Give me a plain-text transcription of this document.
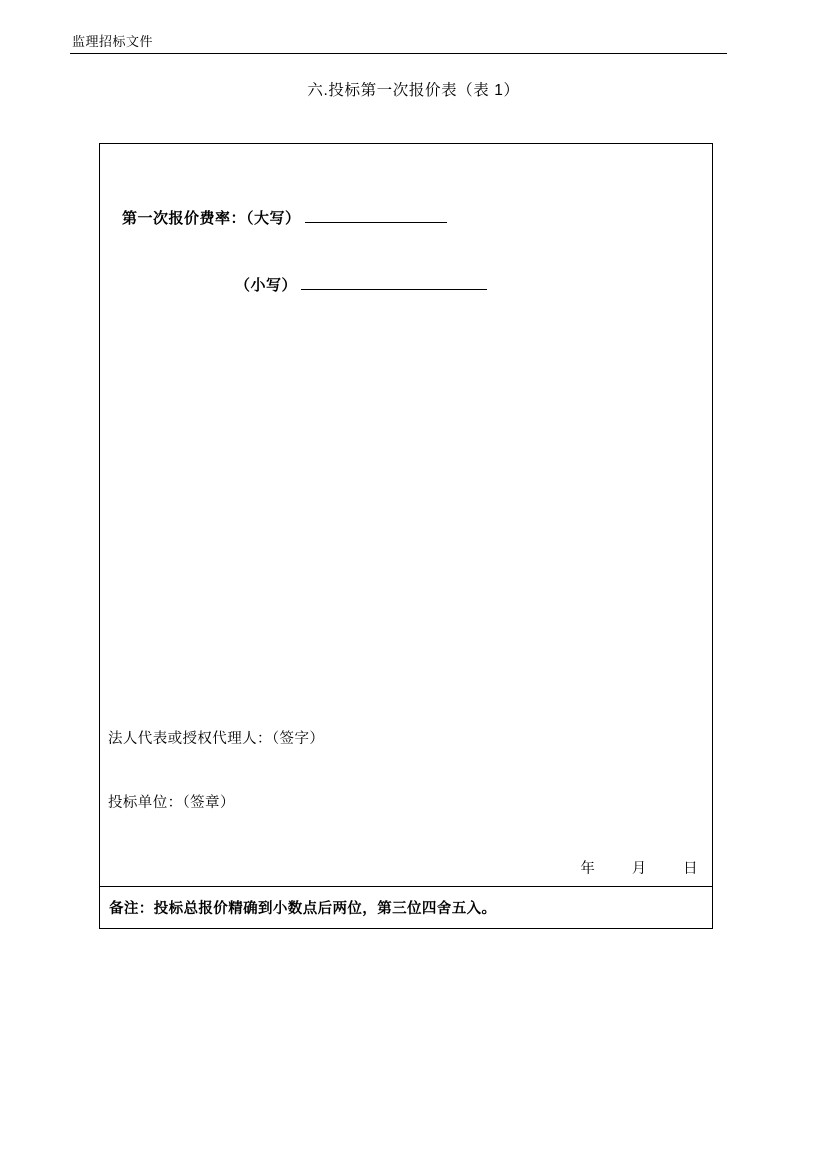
监理招标文件
六.投标第一次报价表（表 1）
第一次报价费率：（大写）
（小写）
法人代表或授权代理人：（签字）
投标单位：（签章）
年	月	日
备注：投标总报价精确到小数点后两位，第三位四舍五入。
